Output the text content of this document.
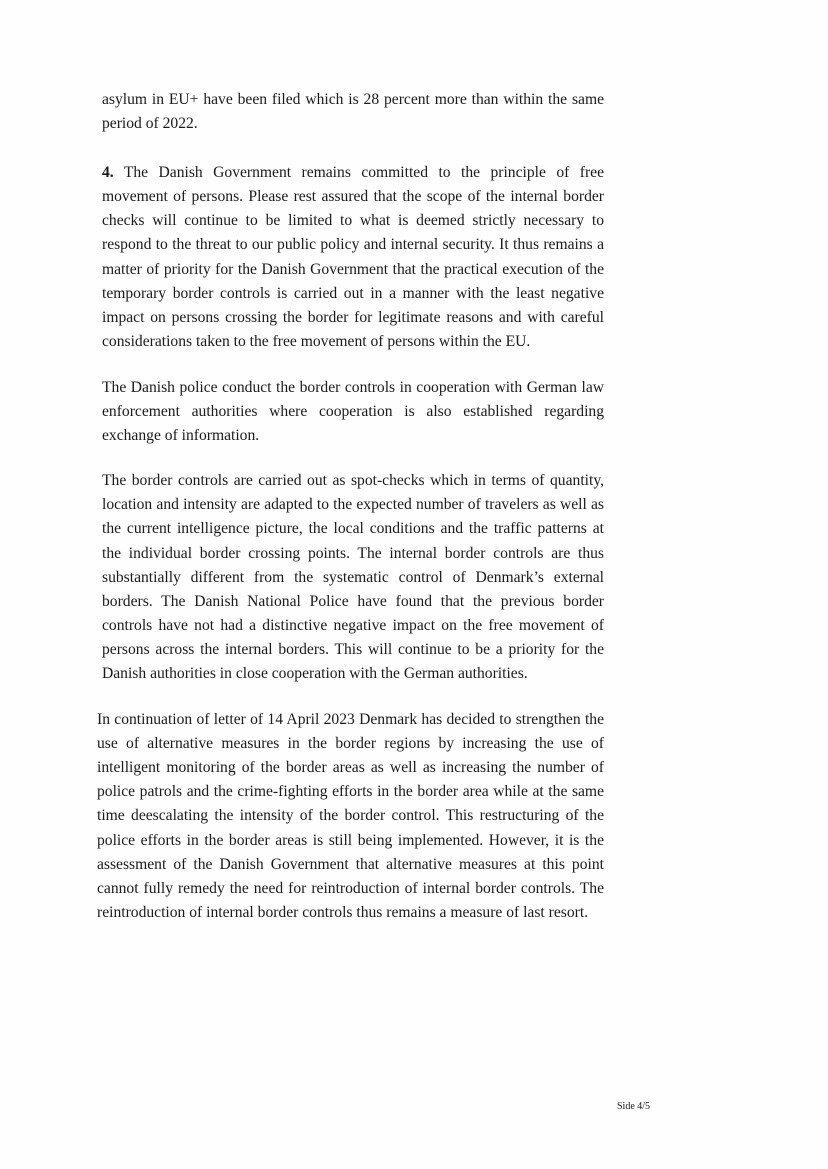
asylum in EU+ have been filed which is 28 percent more than within the same period of 2022.

4. The Danish Government remains committed to the principle of free movement of persons. Please rest assured that the scope of the internal border checks will continue to be limited to what is deemed strictly necessary to respond to the threat to our public policy and internal security. It thus remains a matter of priority for the Danish Government that the practical execution of the temporary border controls is carried out in a manner with the least negative impact on persons crossing the border for legitimate reasons and with careful considerations taken to the free movement of persons within the EU.

The Danish police conduct the border controls in cooperation with German law enforcement authorities where cooperation is also established regarding exchange of information.

The border controls are carried out as spot-checks which in terms of quantity, location and intensity are adapted to the expected number of travelers as well as the current intelligence picture, the local conditions and the traffic patterns at the individual border crossing points. The internal border controls are thus substantially different from the systematic control of Denmark’s external borders. The Danish National Police have found that the previous border controls have not had a distinctive negative impact on the free movement of persons across the internal borders. This will continue to be a priority for the Danish authorities in close cooperation with the German authorities.

In continuation of letter of 14 April 2023 Denmark has decided to strengthen the use of alternative measures in the border regions by increasing the use of intelligent monitoring of the border areas as well as increasing the number of police patrols and the crime-fighting efforts in the border area while at the same time deescalating the intensity of the border control. This restructuring of the police efforts in the border areas is still being implemented. However, it is the assessment of the Danish Government that alternative measures at this point cannot fully remedy the need for reintroduction of internal border controls. The reintroduction of internal border controls thus remains a measure of last resort.

Side 4/5
